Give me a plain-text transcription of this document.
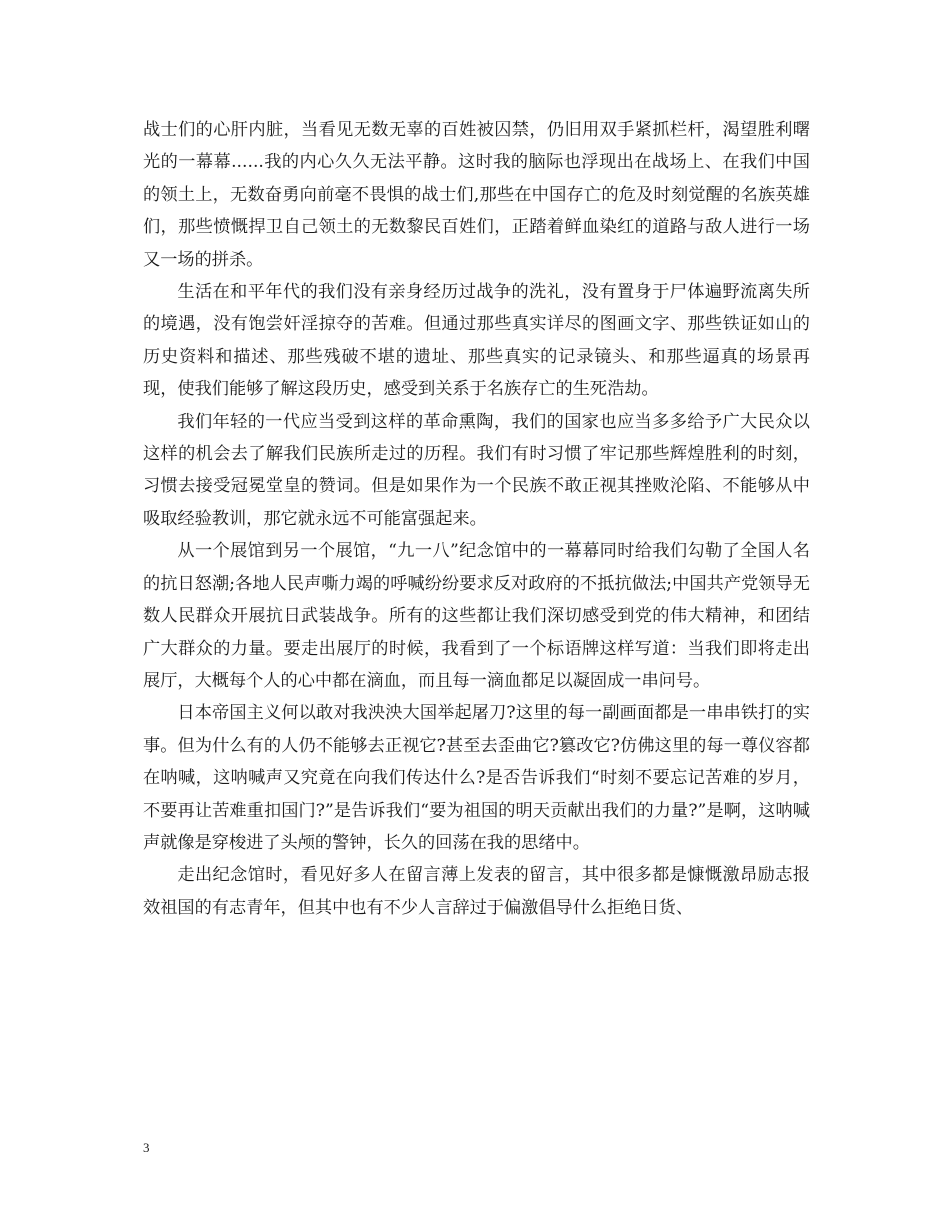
战士们的心肝内脏，当看见无数无辜的百姓被囚禁，仍旧用双手紧抓栏杆，渴望胜利曙光的一幕幕......我的内心久久无法平静。这时我的脑际也浮现出在战场上、在我们中国的领土上，无数奋勇向前毫不畏惧的战士们,那些在中国存亡的危及时刻觉醒的名族英雄们，那些愤慨捍卫自己领土的无数黎民百姓们，正踏着鲜血染红的道路与敌人进行一场又一场的拼杀。

生活在和平年代的我们没有亲身经历过战争的洗礼，没有置身于尸体遍野流离失所的境遇，没有饱尝奸淫掠夺的苦难。但通过那些真实详尽的图画文字、那些铁证如山的历史资料和描述、那些残破不堪的遗址、那些真实的记录镜头、和那些逼真的场景再现，使我们能够了解这段历史，感受到关系于名族存亡的生死浩劫。

我们年轻的一代应当受到这样的革命熏陶，我们的国家也应当多多给予广大民众以这样的机会去了解我们民族所走过的历程。我们有时习惯了牢记那些辉煌胜利的时刻，习惯去接受冠冕堂皇的赞词。但是如果作为一个民族不敢正视其挫败沦陷、不能够从中吸取经验教训，那它就永远不可能富强起来。

从一个展馆到另一个展馆，“九一八”纪念馆中的一幕幕同时给我们勾勒了全国人名的抗日怒潮;各地人民声嘶力竭的呼喊纷纷要求反对政府的不抵抗做法;中国共产党领导无数人民群众开展抗日武装战争。所有的这些都让我们深切感受到党的伟大精神，和团结广大群众的力量。要走出展厅的时候，我看到了一个标语牌这样写道：当我们即将走出展厅，大概每个人的心中都在滴血，而且每一滴血都足以凝固成一串问号。

日本帝国主义何以敢对我泱泱大国举起屠刀?这里的每一副画面都是一串串铁打的实事。但为什么有的人仍不能够去正视它?甚至去歪曲它?篡改它?仿佛这里的每一尊仪容都在呐喊，这呐喊声又究竟在向我们传达什么?是否告诉我们“时刻不要忘记苦难的岁月，不要再让苦难重扣国门?”是告诉我们“要为祖国的明天贡献出我们的力量?”是啊，这呐喊声就像是穿梭进了头颅的警钟，长久的回荡在我的思绪中。

走出纪念馆时，看见好多人在留言薄上发表的留言，其中很多都是慷慨激昂励志报效祖国的有志青年，但其中也有不少人言辞过于偏激倡导什么拒绝日货、

3
